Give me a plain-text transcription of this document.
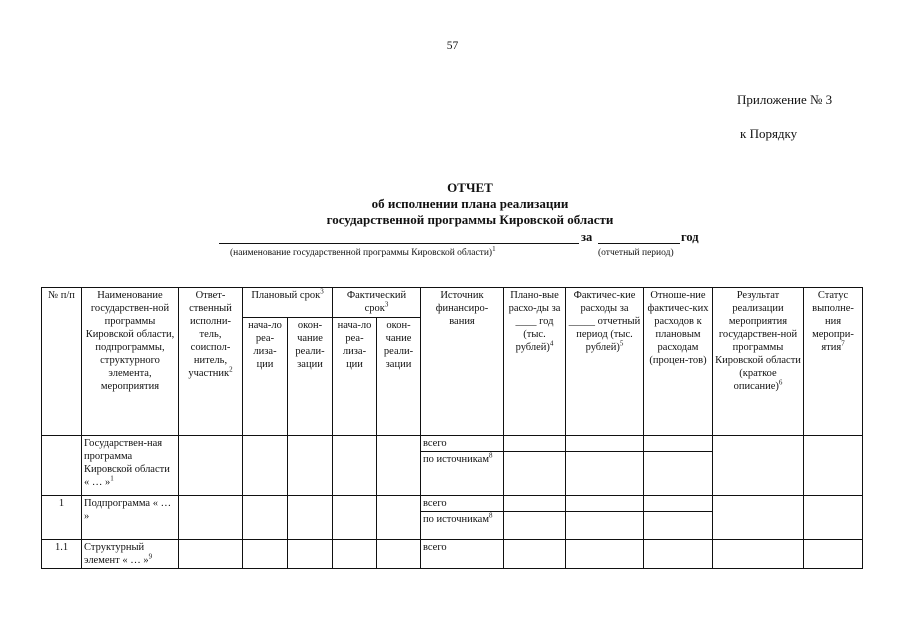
57
Приложение № 3
к Порядку
ОТЧЕТ
об исполнении плана реализации
государственной программы Кировской области
за	год
(наименование государственной программы Кировской области)$^1$	(отчетный период)
№ п/п	Наименование государствен-ной программы Кировской области, подпрограммы, структурного элемента, мероприятия	Ответ-ственный исполни-тель, соиспол-нитель, участник$^2$	Плановый срок$^3$		Фактический срок$^3$		Источник финансиро-вания	Плано-вые расхо-ды за ____ год (тыс. рублей)$^4$	Фактичес-кие расходы за _____ отчетный период (тыс. рублей)$^5$	Отноше-ние фактичес-ких расходов к плановым расходам (процен-тов)	Результат реализации мероприятия государствен-ной программы Кировской области (краткое описание)$^6$	Статус выполне-ния меропри-ятия$^7$
			нача-ло реа-лиза-ции	окон-чание реали-зации	нача-ло реа-лиза-ции	окон-чание реали-зации						
	Государствен-ная программа Кировской области « … »$^1$						всего					
							по источникам$^8$			
1	Подпрограмма « … »						всего					
							по источникам$^8$			
1.1	Структурный элемент « … »$^9$						всего					
